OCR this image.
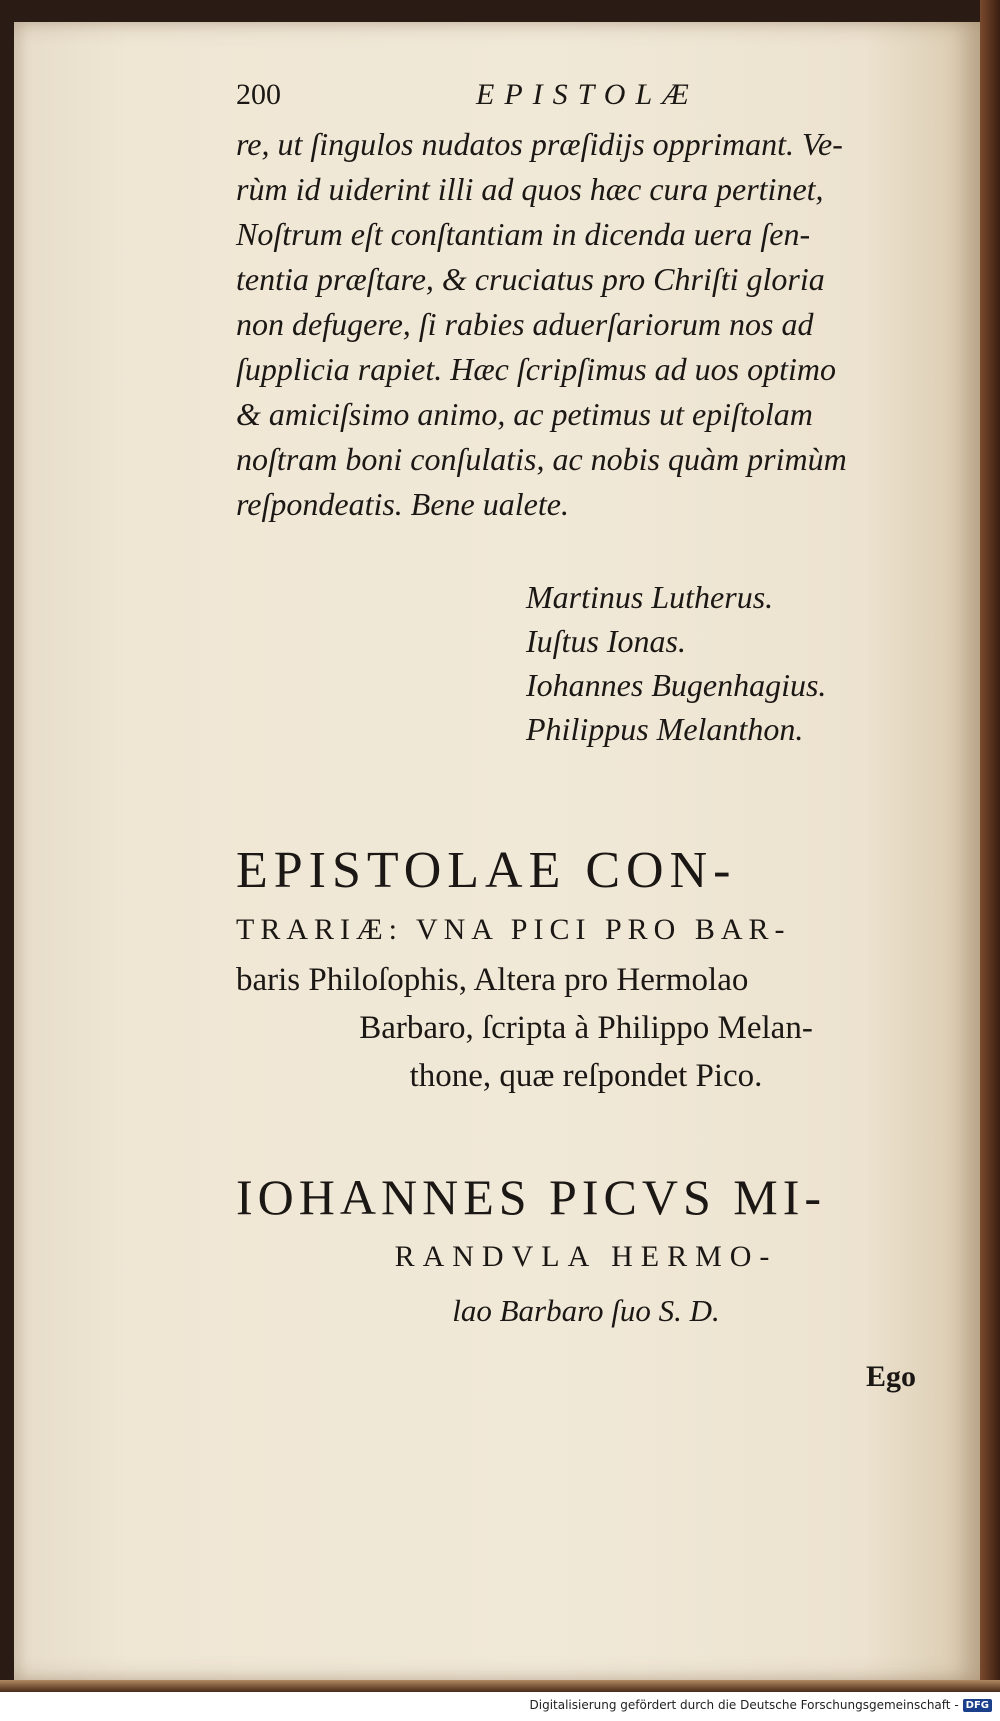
200	EPISTOLÆ
re, ut ſingulos nudatos præſidijs opprimant. Ve-
rùm id uiderint illi ad quos hæc cura pertinet,
Noſtrum eſt conſtantiam in dicenda uera ſen-
tentia præſtare, & cruciatus pro Chriſti gloria
non defugere, ſi rabies aduerſariorum nos ad
ſupplicia rapiet. Hæc ſcripſimus ad uos optimo
& amiciſsimo animo, ac petimus ut epiſtolam
noſtram boni conſulatis, ac nobis quàm primùm
reſpondeatis. Bene ualete.
Martinus Lutherus.
Iuſtus Ionas.
Iohannes Bugenhagius.
Philippus Melanthon.
EPISTOLAE CON-
TRARIÆ: VNA PICI PRO BAR-
baris Philoſophis, Altera pro Hermolao
Barbaro, ſcripta à Philippo Melan-
thone, quæ reſpondet Pico.
IOHANNES PICVS MI-
RANDVLA HERMO-
lao Barbaro ſuo S. D.
Ego
Digitalisierung gefördert durch die Deutsche Forschungsgemeinschaft - DFG
